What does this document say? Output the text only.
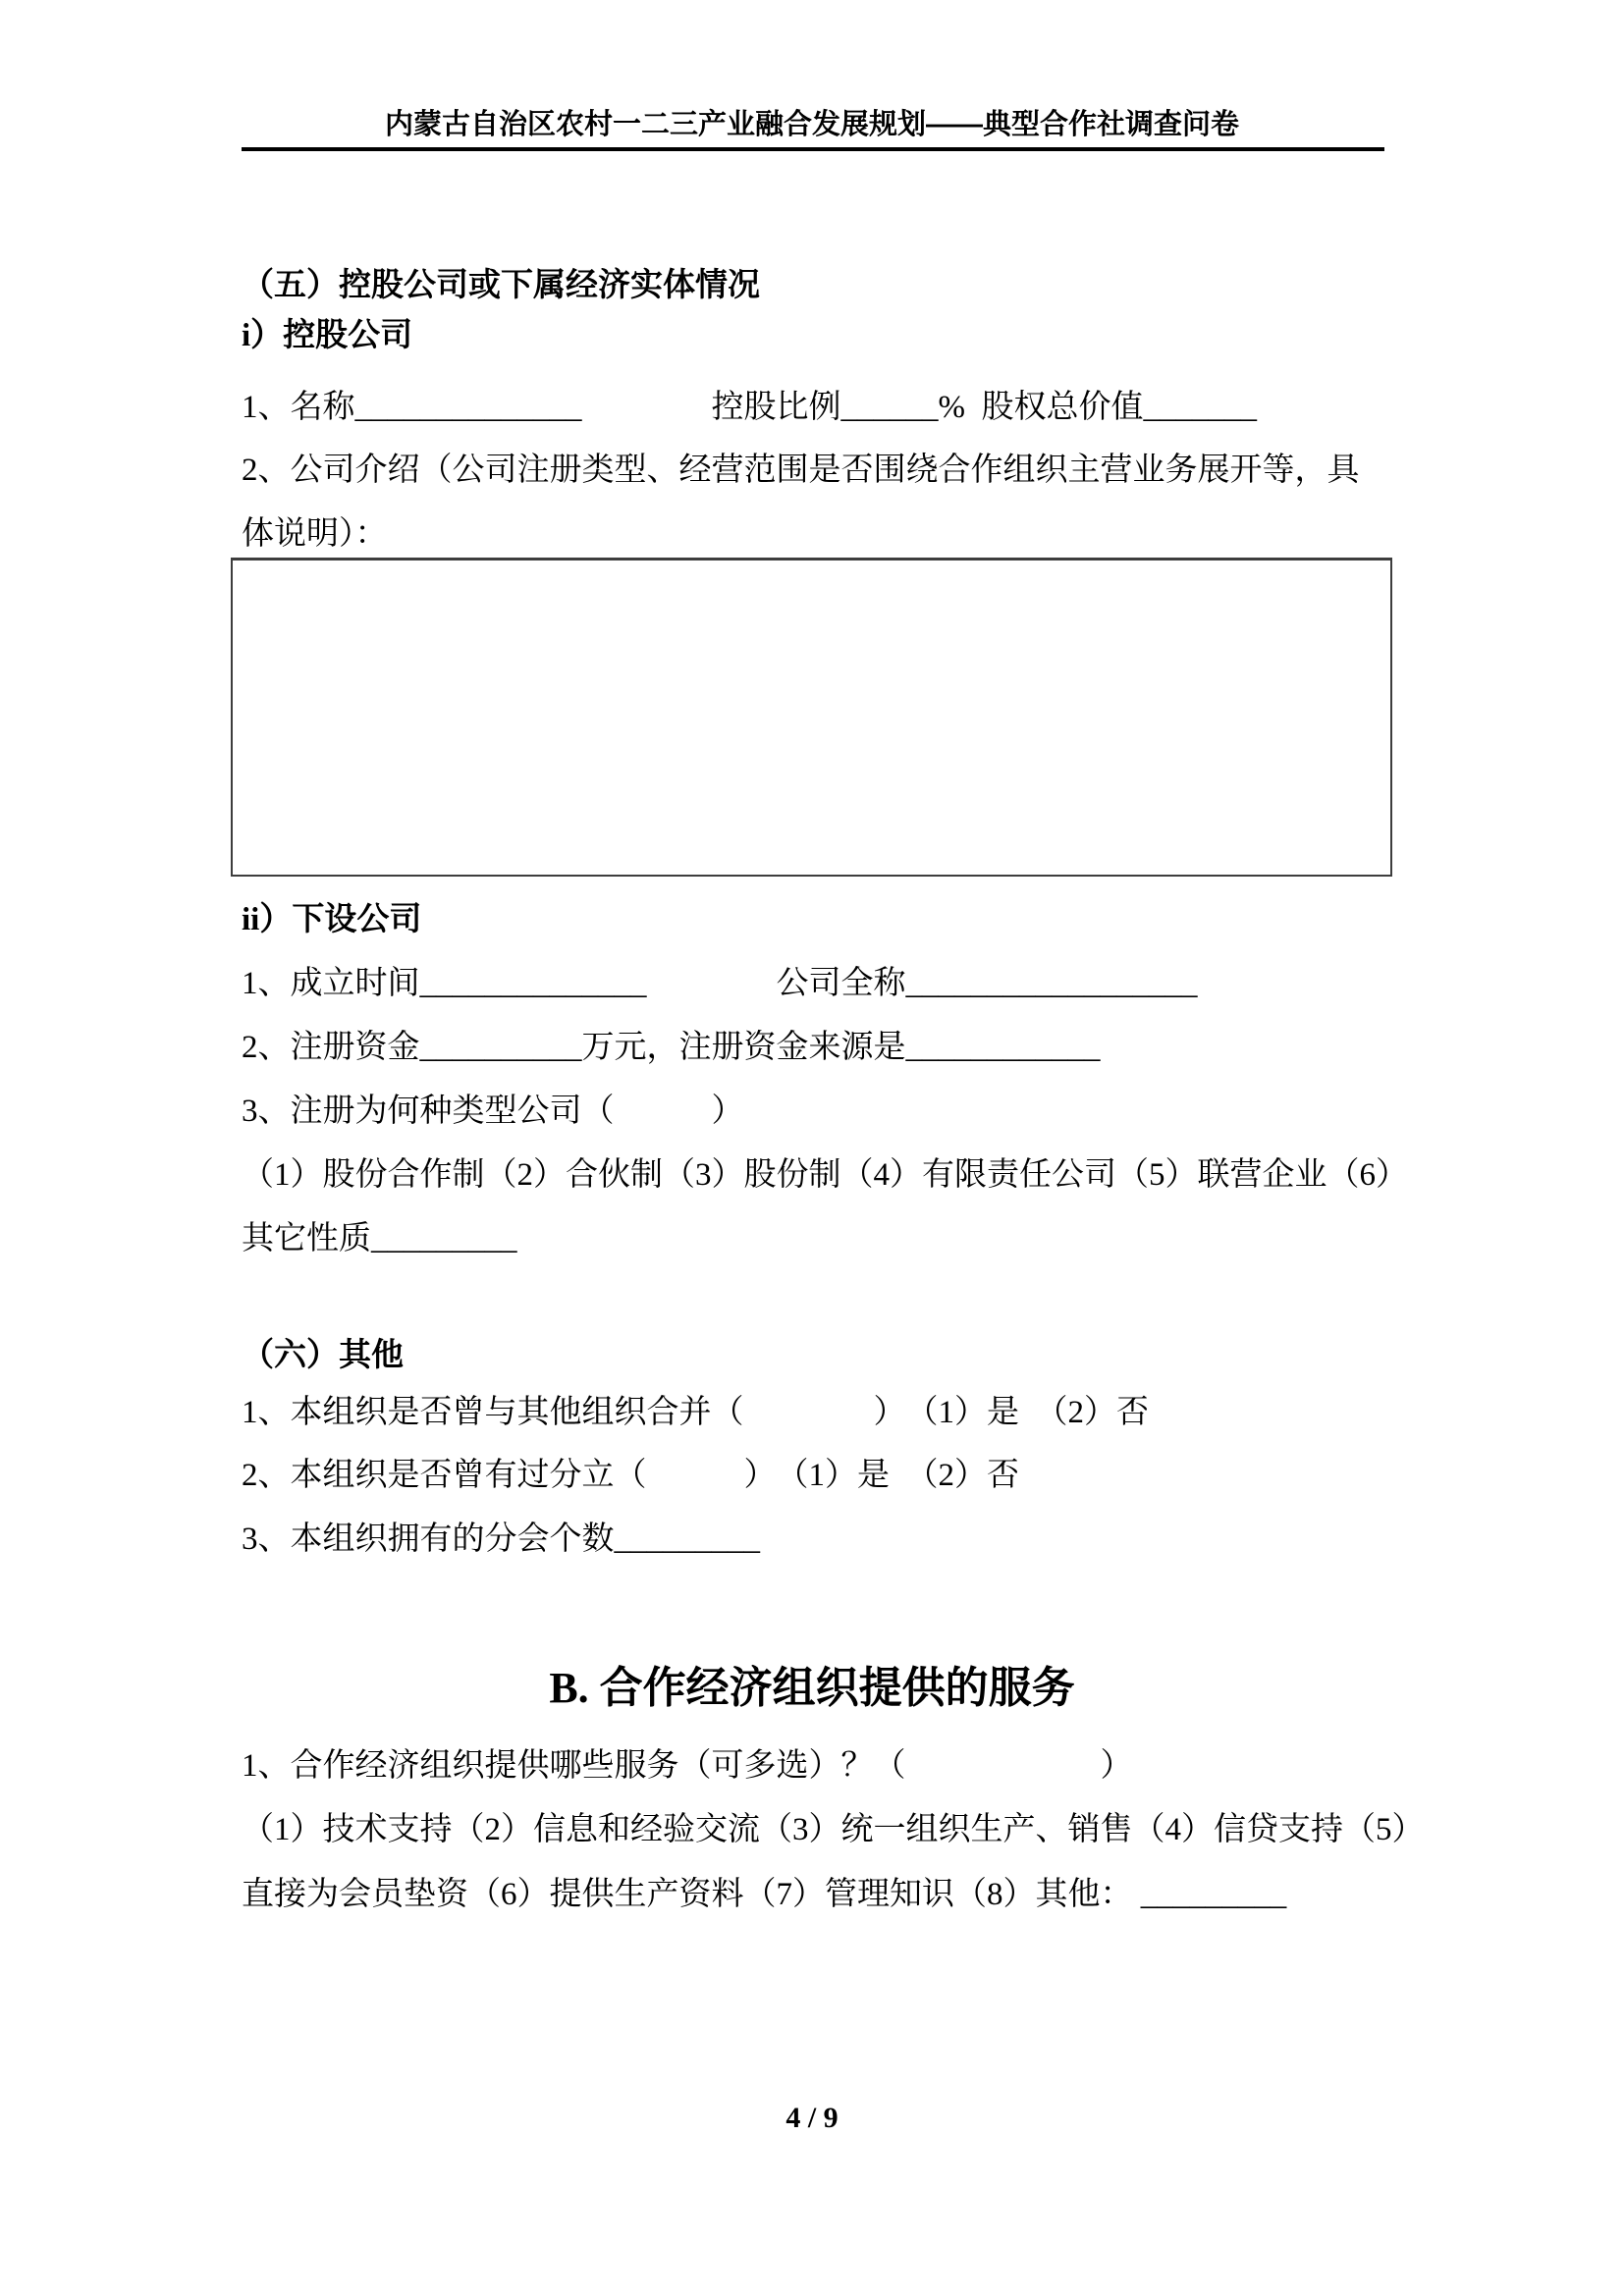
内蒙古自治区农村一二三产业融合发展规划——典型合作社调查问卷
（五）控股公司或下属经济实体情况
i）控股公司
1、名称______________　　　　控股比例______%  股权总价值_______
2、公司介绍（公司注册类型、经营范围是否围绕合作组织主营业务展开等，具
体说明）：
ii）下设公司
1、成立时间______________　　　　公司全称__________________
2、注册资金__________万元，注册资金来源是____________
3、注册为何种类型公司（　　　）
（1）股份合作制（2）合伙制（3）股份制（4）有限责任公司（5）联营企业（6）
其它性质_________
（六）其他
1、本组织是否曾与其他组织合并（　　　　）　（1）是　（2）否
2、本组织是否曾有过分立（　　　）　（1）是　（2）否
3、本组织拥有的分会个数_________
B. 合作经济组织提供的服务
1、合作经济组织提供哪些服务（可多选）？（　　　　　　）
（1）技术支持（2）信息和经验交流（3）统一组织生产、销售（4）信贷支持（5）
直接为会员垫资（6）提供生产资料（7）管理知识（8）其他： _________
4 / 9
